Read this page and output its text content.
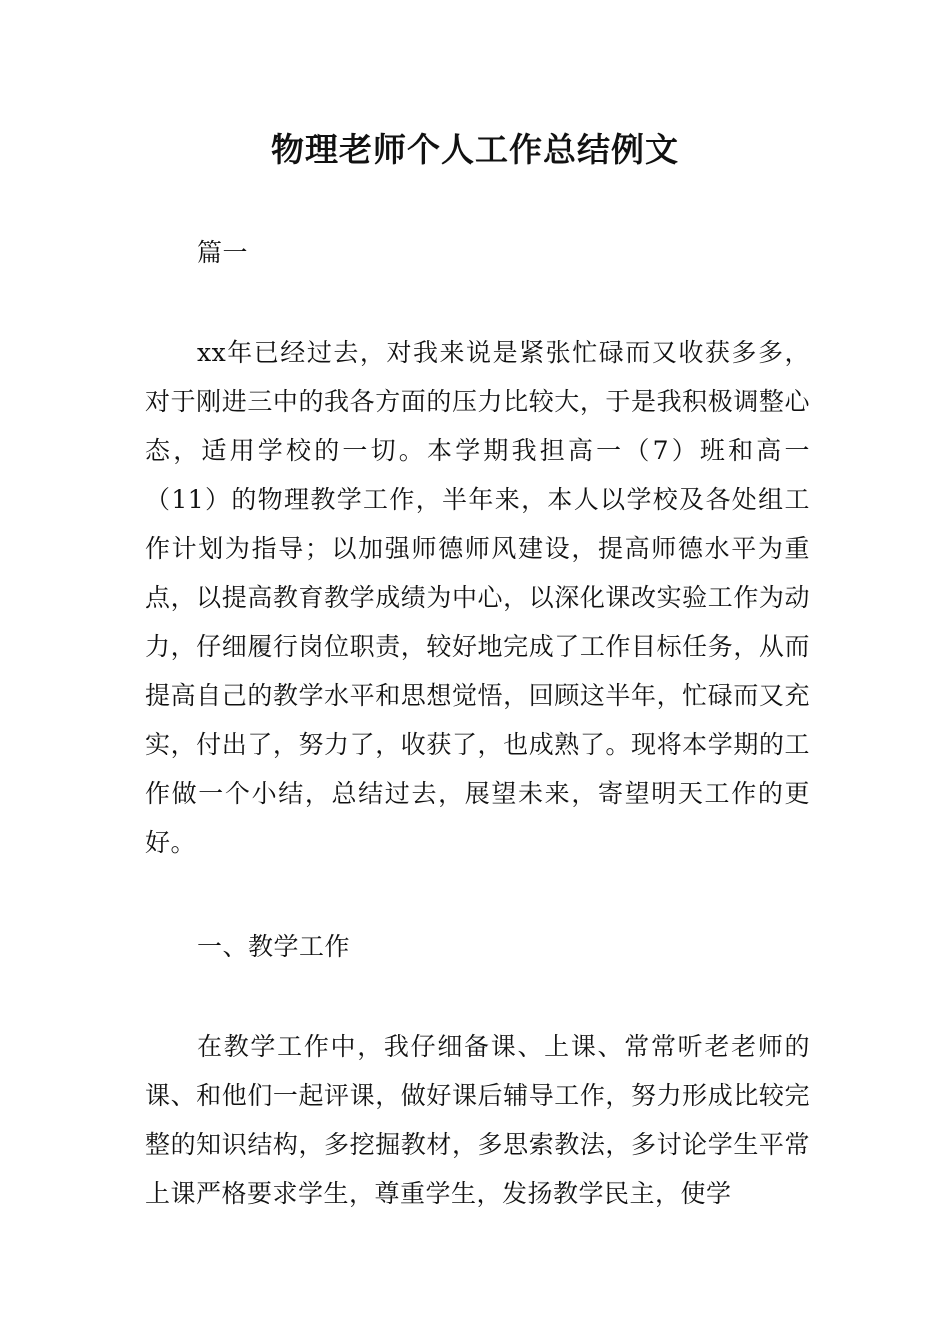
物理老师个人工作总结例文
篇一
xx年已经过去，对我来说是紧张忙碌而又收获多多，对于刚进三中的我各方面的压力比较大，于是我积极调整心态，适用学校的一切。本学期我担高一（7）班和高一（11）的物理教学工作，半年来，本人以学校及各处组工作计划为指导；以加强师德师风建设，提高师德水平为重点，以提高教育教学成绩为中心，以深化课改实验工作为动力，仔细履行岗位职责，较好地完成了工作目标任务，从而提高自己的教学水平和思想觉悟，回顾这半年，忙碌而又充实，付出了，努力了，收获了，也成熟了。现将本学期的工作做一个小结，总结过去，展望未来，寄望明天工作的更好。
一、教学工作
在教学工作中，我仔细备课、上课、常常听老老师的课、和他们一起评课，做好课后辅导工作，努力形成比较完整的知识结构，多挖掘教材，多思索教法，多讨论学生平常上课严格要求学生，尊重学生，发扬教学民主，使学
